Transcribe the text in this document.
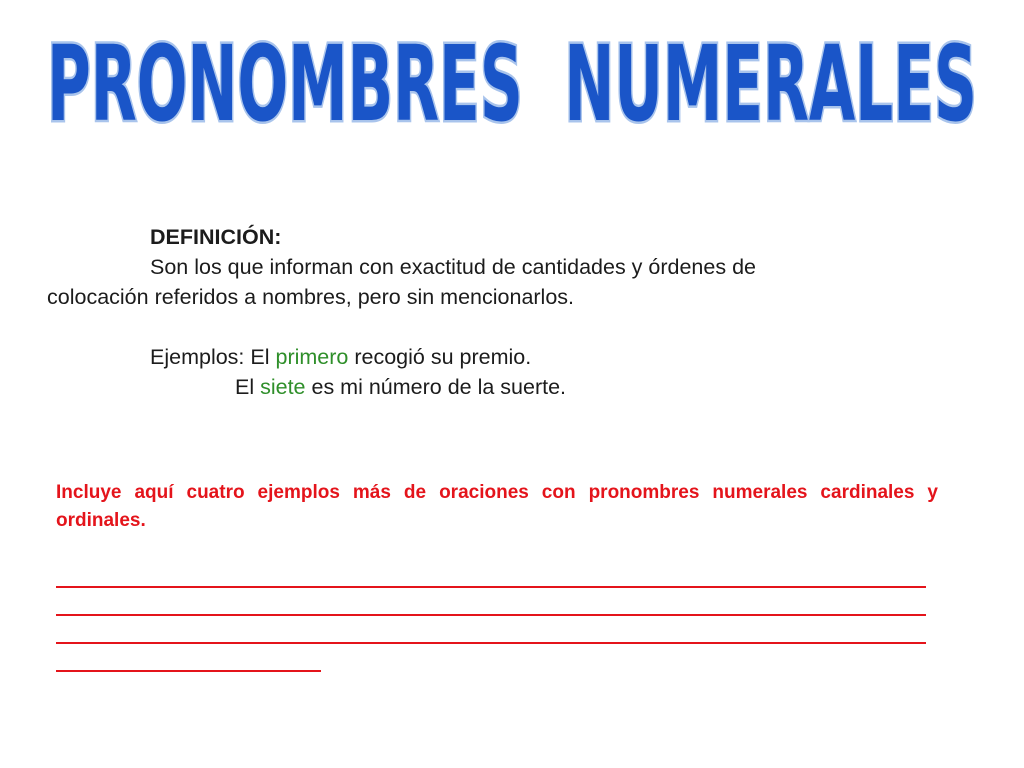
PRONOMBRES  NUMERALES
DEFINICIÓN:
Son los que informan con exactitud de cantidades y órdenes de
colocación referidos a nombres, pero sin mencionarlos.
Ejemplos: El primero recogió su premio.
El siete es mi número de la suerte.
Incluye aquí cuatro ejemplos más de oraciones con pronombres numerales cardinales y ordinales.
